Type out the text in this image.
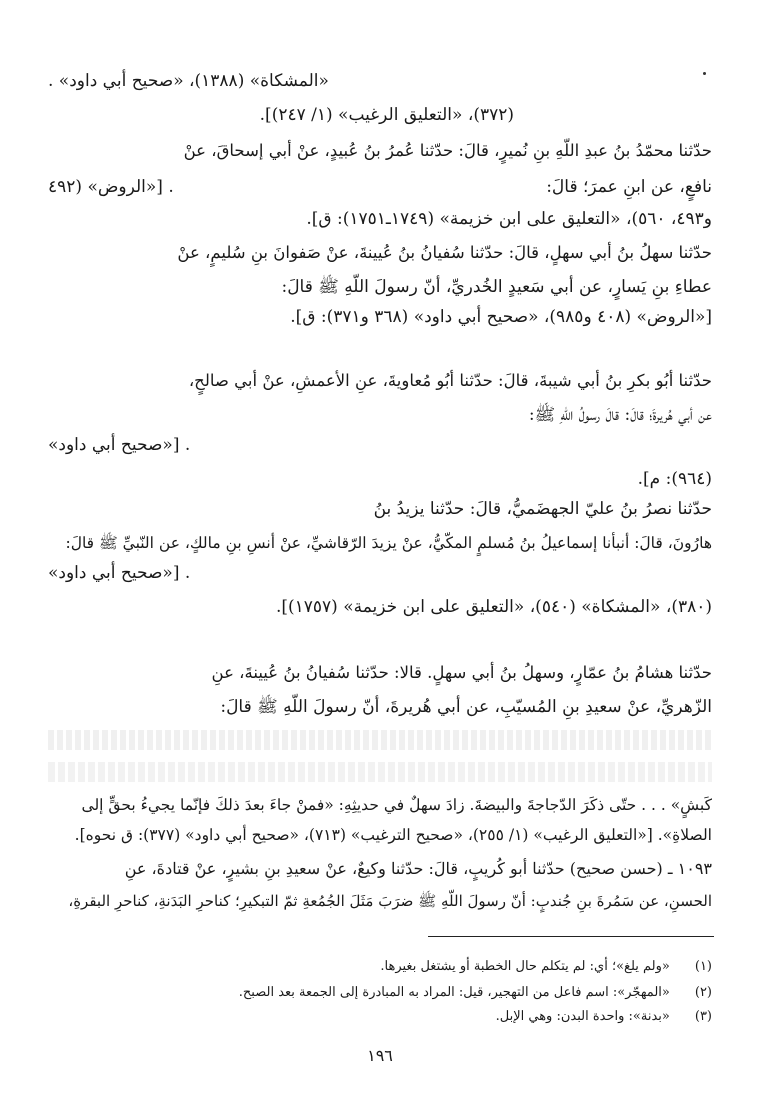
«المشكاة» (١٣٨٨)، «صحيح أبي داود» .
(٣٧٢)، «التعليق الرغيب» (١/ ٢٤٧)].
حدّثنا محمّدُ بنُ عبدِ اللّهِ بنِ نُميرٍ، قالَ: حدّثنا عُمرُ بنُ عُبيدٍ، عنْ أبي إسحاقَ، عنْ
نافعٍ، عن ابنِ عمرَ؛ قالَ:
. [«الروض» (٤٩٢
و٤٩٣، ٥٦٠)، «التعليق على ابن خزيمة» (١٧٤٩ـ١٧٥١): ق].
حدّثنا سهلُ بنُ أبي سهلٍ، قالَ: حدّثنا سُفيانُ بنُ عُيينةَ، عنْ صَفوانَ بنِ سُليمٍ، عنْ
عطاءِ بنِ يَسارٍ، عن أبي سَعيدٍ الخُدريِّ، أنّ رسولَ اللّهِ ﷺ قالَ:
[«الروض» (٤٠٨ و٩٨٥)، «صحيح أبي داود» (٣٦٨ و٣٧١): ق].
حدّثنا أبُو بكرِ بنُ أبي شيبةَ، قالَ: حدّثنا أبُو مُعاويةَ، عنِ الأعمشِ، عنْ أبي صالحٍ،
عن أبي هُريرةَ؛ قالَ: قالَ رسولُ اللّهِ ﷺ:
. [«صحيح أبي داود»
(٩٦٤): م].
حدّثنا نصرُ بنُ عليّ الجهضَميُّ، قالَ: حدّثنا يزيدُ بنُ
هارُونَ، قالَ: أنبأنا إسماعيلُ بنُ مُسلمٍ المكّيُّ، عنْ يزيدَ الرّقاشيِّ، عنْ أنسِ بنِ مالكٍ، عن النّبيِّ ﷺ قالَ:
. [«صحيح أبي داود»
(٣٨٠)، «المشكاة» (٥٤٠)، «التعليق على ابن خزيمة» (١٧٥٧)].
حدّثنا هشامُ بنُ عمّارٍ، وسهلُ بنُ أبي سهلٍ. قالا: حدّثنا سُفيانُ بنُ عُيينةَ، عنِ
الزّهريِّ، عنْ سعيدِ بنِ المُسيّبِ، عن أبي هُريرةَ، أنّ رسولَ اللّهِ ﷺ قالَ:
كَبشٍ» . . . حتّى ذكَرَ الدّجاجةَ والبيضةَ. زادَ سهلٌ في حديثِهِ: «فمنْ جاءَ بعدَ ذلكَ فإنّما يجيءُ بحقٍّ إلى
الصلاةِ». [«التعليق الرغيب» (١/ ٢٥٥)، «صحيح الترغيب» (٧١٣)، «صحيح أبي داود» (٣٧٧): ق نحوه].
١٠٩٣ ـ (حسن صحيح) حدّثنا أبو كُريبٍ، قالَ: حدّثنا وكيعٌ، عنْ سعيدِ بنِ بشيرٍ، عنْ قتادةَ، عنِ
الحسنِ، عن سَمُرةَ بنِ جُندبٍ: أنّ رسولَ اللّهِ ﷺ ضرَبَ مَثَلَ الجُمُعةِ ثمّ التبكيرِ؛ كناحرِ البَدَنةِ، كناحرِ البقرةِ،
(١) «ولم يلغ»؛ أي: لم يتكلم حال الخطبة أو يشتغل بغيرها.
(٢) «المهجّر»: اسم فاعل من التهجير، قيل: المراد به المبادرة إلى الجمعة بعد الصبح.
(٣) «بدنة»: واحدة البدن: وهي الإبل.
١٩٦
